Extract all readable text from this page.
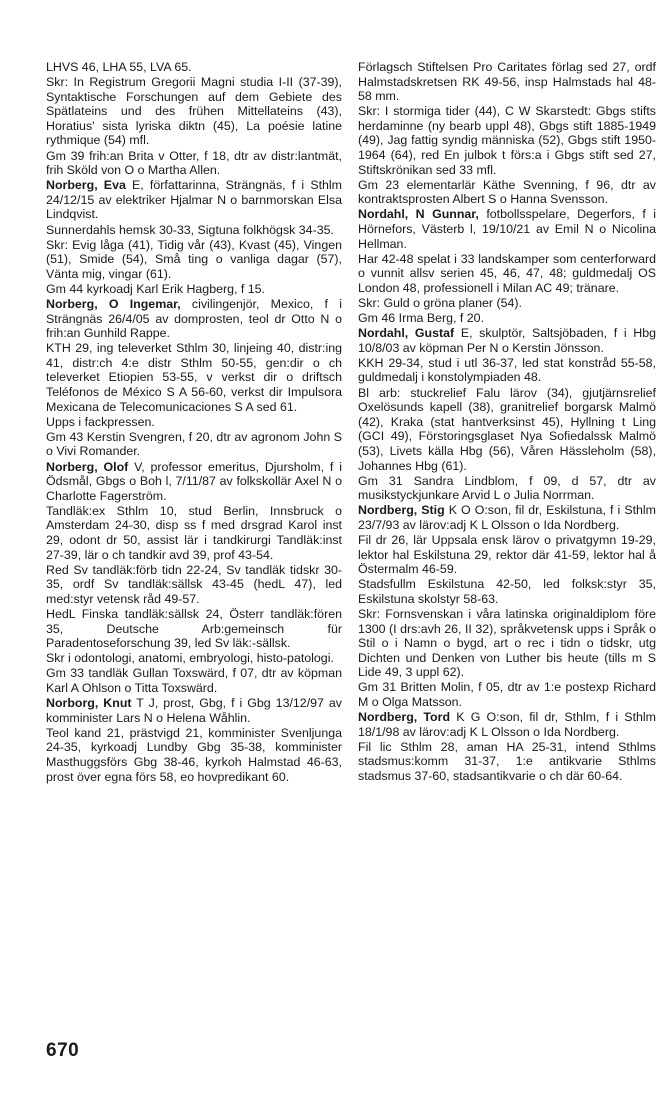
LHVS 46, LHA 55, LVA 65.

Skr: In Registrum Gregorii Magni studia I-II (37-39), Syntaktische Forschungen auf dem Gebiete des Spätlateins und des frühen Mittellateins (43), Horatius' sista lyriska diktn (45), La poésie latine rythmique (54) mfl.

Gm 39 frih:an Brita v Otter, f 18, dtr av distr:lantmät, frih Sköld von O o Martha Allen.

Norberg, Eva E, författarinna, Strängnäs, f i Sthlm 24/12/15 av elektriker Hjalmar N o barnmorskan Elsa Lindqvist.

Sunnerdahls hemsk 30-33, Sigtuna folkhögsk 34-35.

Skr: Evig låga (41), Tidig vår (43), Kvast (45), Vingen (51), Smide (54), Små ting o vanliga dagar (57), Vänta mig, vingar (61).

Gm 44 kyrkoadj Karl Erik Hagberg, f 15.

Norberg, O Ingemar, civilingenjör, Mexico, f i Strängnäs 26/4/05 av domprosten, teol dr Otto N o frih:an Gunhild Rappe.

KTH 29, ing televerket Sthlm 30, linjeing 40, distr:ing 41, distr:ch 4:e distr Sthlm 50-55, gen:dir o ch televerket Etiopien 53-55, v verkst dir o driftsch Teléfonos de México S A 56-60, verkst dir Impulsora Mexicana de Telecomunicaciones S A sed 61.

Upps i fackpressen.

Gm 43 Kerstin Svengren, f 20, dtr av agronom John S o Vivi Romander.

Norberg, Olof V, professor emeritus, Djursholm, f i Ödsmål, Gbgs o Boh l, 7/11/87 av folkskollär Axel N o Charlotte Fagerström.

Tandläk:ex Sthlm 10, stud Berlin, Innsbruck o Amsterdam 24-30, disp ss f med drsgrad Karol inst 29, odont dr 50, assist lär i tandkirurgi Tandläk:inst 27-39, lär o ch tandkir avd 39, prof 43-54.

Red Sv tandläk:förb tidn 22-24, Sv tandläk tidskr 30-35, ordf Sv tandläk:sällsk 43-45 (hedL 47), led med:styr vetensk råd 49-57.

HedL Finska tandläk:sällsk 24, Österr tandläk:fören 35, Deutsche Arb:gemeinsch für Paradentoseforschung 39, led Sv läk:-sällsk.

Skr i odontologi, anatomi, embryologi, histo-patologi.

Gm 33 tandläk Gullan Toxswärd, f 07, dtr av köpman Karl A Ohlson o Titta Toxswärd.

Norborg, Knut T J, prost, Gbg, f i Gbg 13/12/97 av komminister Lars N o Helena Wåhlin.

Teol kand 21, prästvigd 21, komminister Svenljunga 24-35, kyrkoadj Lundby Gbg 35-38, komminister Masthuggsförs Gbg 38-46, kyrkoh Halmstad 46-63, prost över egna förs 58, eo hovpredikant 60.

Förlagsch Stiftelsen Pro Caritates förlag sed 27, ordf Halmstadskretsen RK 49-56, insp Halmstads hal 48-58 mm.

Skr: I stormiga tider (44), C W Skarstedt: Gbgs stifts herdaminne (ny bearb uppl 48), Gbgs stift 1885-1949 (49), Jag fattig syndig människa (52), Gbgs stift 1950-1964 (64), red En julbok t förs:a i Gbgs stift sed 27, Stiftskrönikan sed 33 mfl.

Gm 23 elementarlär Käthe Svenning, f 96, dtr av kontraktsprosten Albert S o Hanna Svensson.

Nordahl, N Gunnar, fotbollsspelare, Degerfors, f i Hörnefors, Västerb l, 19/10/21 av Emil N o Nicolina Hellman.

Har 42-48 spelat i 33 landskamper som centerforward o vunnit allsv serien 45, 46, 47, 48; guldmedalj OS London 48, professionell i Milan AC 49; tränare.

Skr: Guld o gröna planer (54).

Gm 46 Irma Berg, f 20.

Nordahl, Gustaf E, skulptör, Saltsjöbaden, f i Hbg 10/8/03 av köpman Per N o Kerstin Jönsson.

KKH 29-34, stud i utl 36-37, led stat konstråd 55-58, guldmedalj i konstolympiaden 48.

Bl arb: stuckrelief Falu lärov (34), gjutjärnsrelief Oxelösunds kapell (38), granitrelief borgarsk Malmö (42), Kraka (stat hantverksinst 45), Hyllning t Ling (GCI 49), Förstoringsglaset Nya Sofiedalssk Malmö (53), Livets källa Hbg (56), Våren Hässleholm (58), Johannes Hbg (61).

Gm 31 Sandra Lindblom, f 09, d 57, dtr av musikstyckjunkare Arvid L o Julia Norrman.

Nordberg, Stig K O O:son, fil dr, Eskilstuna, f i Sthlm 23/7/93 av lärov:adj K L Olsson o Ida Nordberg.

Fil dr 26, lär Uppsala ensk lärov o privatgymn 19-29, lektor hal Eskilstuna 29, rektor där 41-59, lektor hal å Östermalm 46-59.

Stadsfullm Eskilstuna 42-50, led folksk:styr 35, Eskilstuna skolstyr 58-63.

Skr: Fornsvenskan i våra latinska originaldiplom före 1300 (I drs:avh 26, II 32), språkvetensk upps i Språk o Stil o i Namn o bygd, art o rec i tidn o tidskr, utg Dichten und Denken von Luther bis heute (tills m S Lide 49, 3 uppl 62).

Gm 31 Britten Molin, f 05, dtr av 1:e postexp Richard M o Olga Matsson.

Nordberg, Tord K G O:son, fil dr, Sthlm, f i Sthlm 18/1/98 av lärov:adj K L Olsson o Ida Nordberg.

Fil lic Sthlm 28, aman HA 25-31, intend Sthlms stadsmus:komm 31-37, 1:e antikvarie Sthlms stadsmus 37-60, stadsantikvarie o ch där 60-64.

670
